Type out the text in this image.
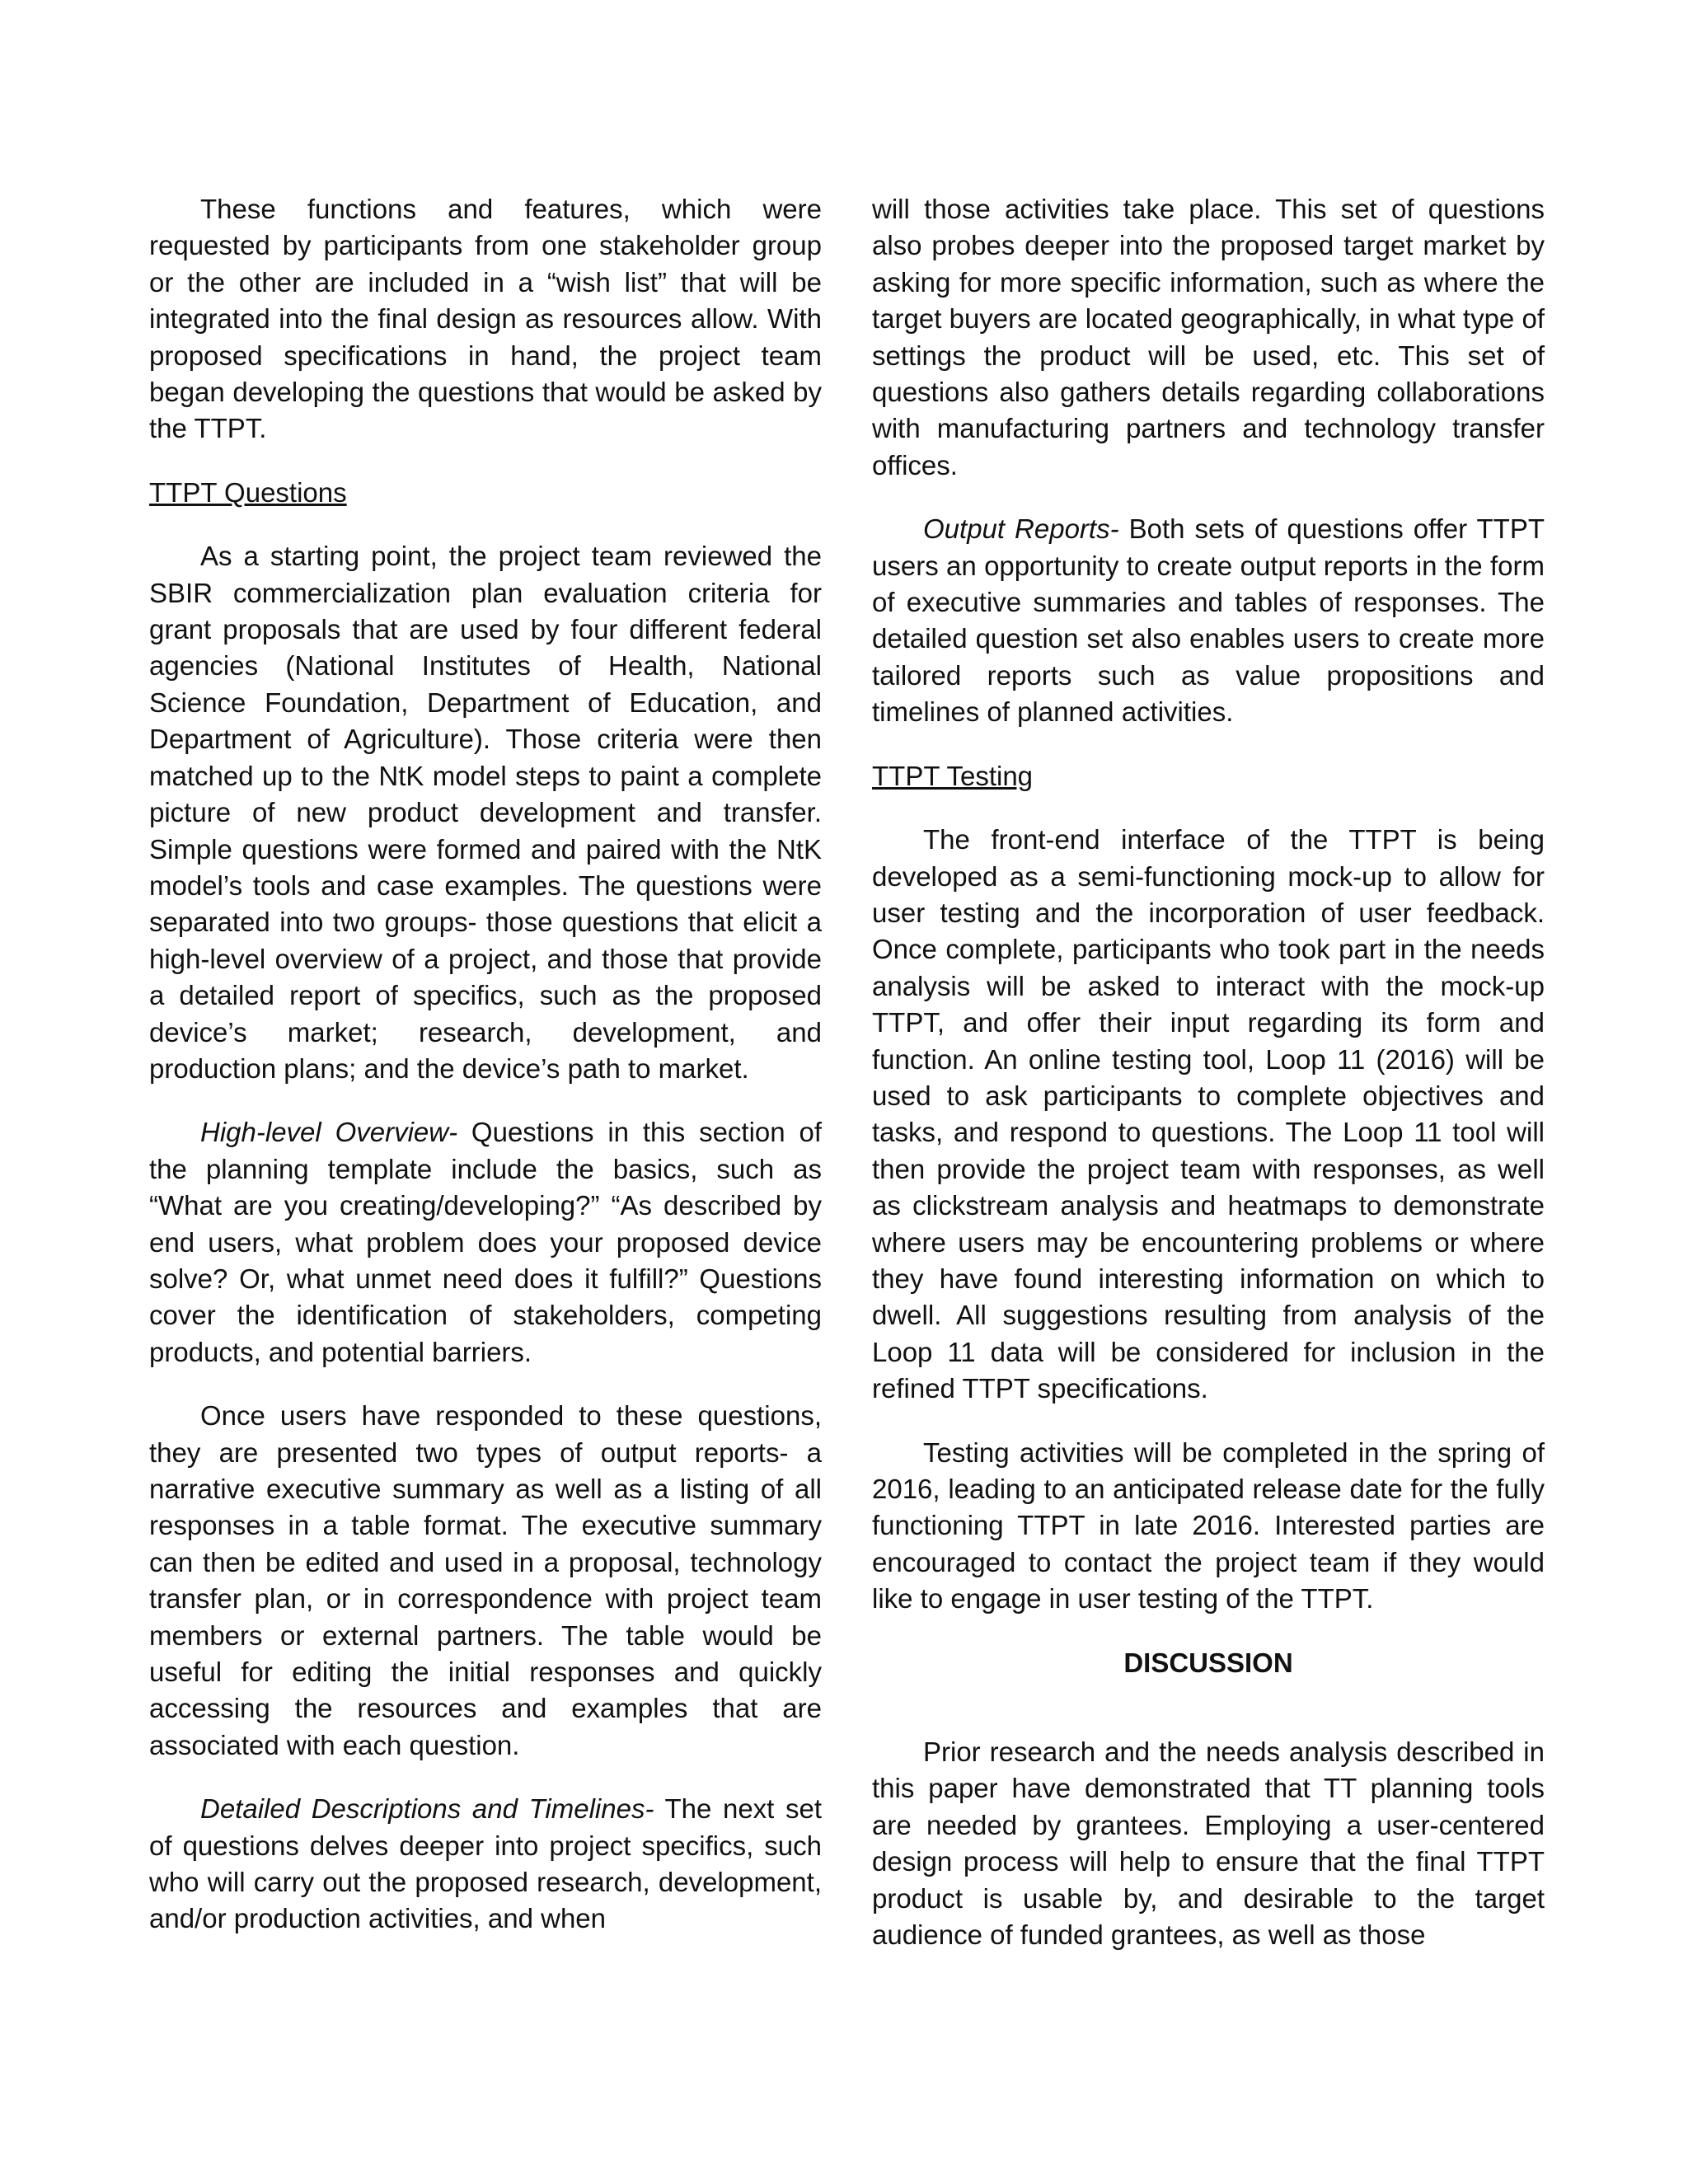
These functions and features, which were requested by participants from one stakeholder group or the other are included in a “wish list” that will be integrated into the final design as resources allow. With proposed specifications in hand, the project team began developing the questions that would be asked by the TTPT.

TTPT Questions

As a starting point, the project team reviewed the SBIR commercialization plan evaluation criteria for grant proposals that are used by four different federal agencies (National Institutes of Health, National Science Foundation, Department of Education, and Department of Agriculture). Those criteria were then matched up to the NtK model steps to paint a complete picture of new product development and transfer. Simple questions were formed and paired with the NtK model’s tools and case examples. The questions were separated into two groups- those questions that elicit a high-level overview of a project, and those that provide a detailed report of specifics, such as the proposed device’s market; research, development, and production plans; and the device’s path to market.

High-level Overview- Questions in this section of the planning template include the basics, such as “What are you creating/developing?” “As described by end users, what problem does your proposed device solve? Or, what unmet need does it fulfill?” Questions cover the identification of stakeholders, competing products, and potential barriers.

Once users have responded to these questions, they are presented two types of output reports- a narrative executive summary as well as a listing of all responses in a table format. The executive summary can then be edited and used in a proposal, technology transfer plan, or in correspondence with project team members or external partners. The table would be useful for editing the initial responses and quickly accessing the resources and examples that are associated with each question.

Detailed Descriptions and Timelines- The next set of questions delves deeper into project specifics, such who will carry out the proposed research, development, and/or production activities, and when

will those activities take place. This set of questions also probes deeper into the proposed target market by asking for more specific information, such as where the target buyers are located geographically, in what type of settings the product will be used, etc. This set of questions also gathers details regarding collaborations with manufacturing partners and technology transfer offices.

Output Reports- Both sets of questions offer TTPT users an opportunity to create output reports in the form of executive summaries and tables of responses. The detailed question set also enables users to create more tailored reports such as value propositions and timelines of planned activities.

TTPT Testing

The front-end interface of the TTPT is being developed as a semi-functioning mock-up to allow for user testing and the incorporation of user feedback. Once complete, participants who took part in the needs analysis will be asked to interact with the mock-up TTPT, and offer their input regarding its form and function. An online testing tool, Loop 11 (2016) will be used to ask participants to complete objectives and tasks, and respond to questions. The Loop 11 tool will then provide the project team with responses, as well as clickstream analysis and heatmaps to demonstrate where users may be encountering problems or where they have found interesting information on which to dwell. All suggestions resulting from analysis of the Loop 11 data will be considered for inclusion in the refined TTPT specifications.

Testing activities will be completed in the spring of 2016, leading to an anticipated release date for the fully functioning TTPT in late 2016. Interested parties are encouraged to contact the project team if they would like to engage in user testing of the TTPT.

DISCUSSION

Prior research and the needs analysis described in this paper have demonstrated that TT planning tools are needed by grantees. Employing a user-centered design process will help to ensure that the final TTPT product is usable by, and desirable to the target audience of funded grantees, as well as those
